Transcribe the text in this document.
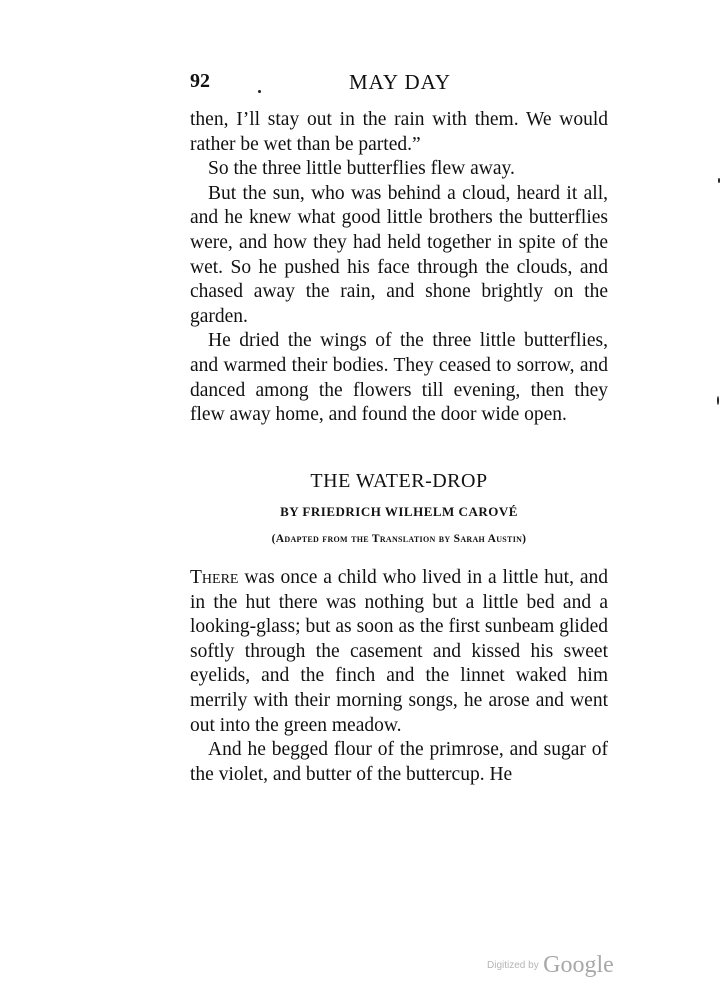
92	MAY DAY

then, I’ll stay out in the rain with them. We would rather be wet than be parted.”

So the three little butterflies flew away.

But the sun, who was behind a cloud, heard it all, and he knew what good little brothers the butterflies were, and how they had held together in spite of the wet. So he pushed his face through the clouds, and chased away the rain, and shone brightly on the garden.

He dried the wings of the three little butterflies, and warmed their bodies. They ceased to sorrow, and danced among the flowers till evening, then they flew away home, and found the door wide open.

THE WATER-DROP
BY FRIEDRICH WILHELM CAROVÉ
(Adapted from the Translation by Sarah Austin)

There was once a child who lived in a little hut, and in the hut there was nothing but a little bed and a looking-glass; but as soon as the first sunbeam glided softly through the casement and kissed his sweet eyelids, and the finch and the linnet waked him merrily with their morning songs, he arose and went out into the green meadow.

And he begged flour of the primrose, and sugar of the violet, and butter of the buttercup. He

Digitized by Google
